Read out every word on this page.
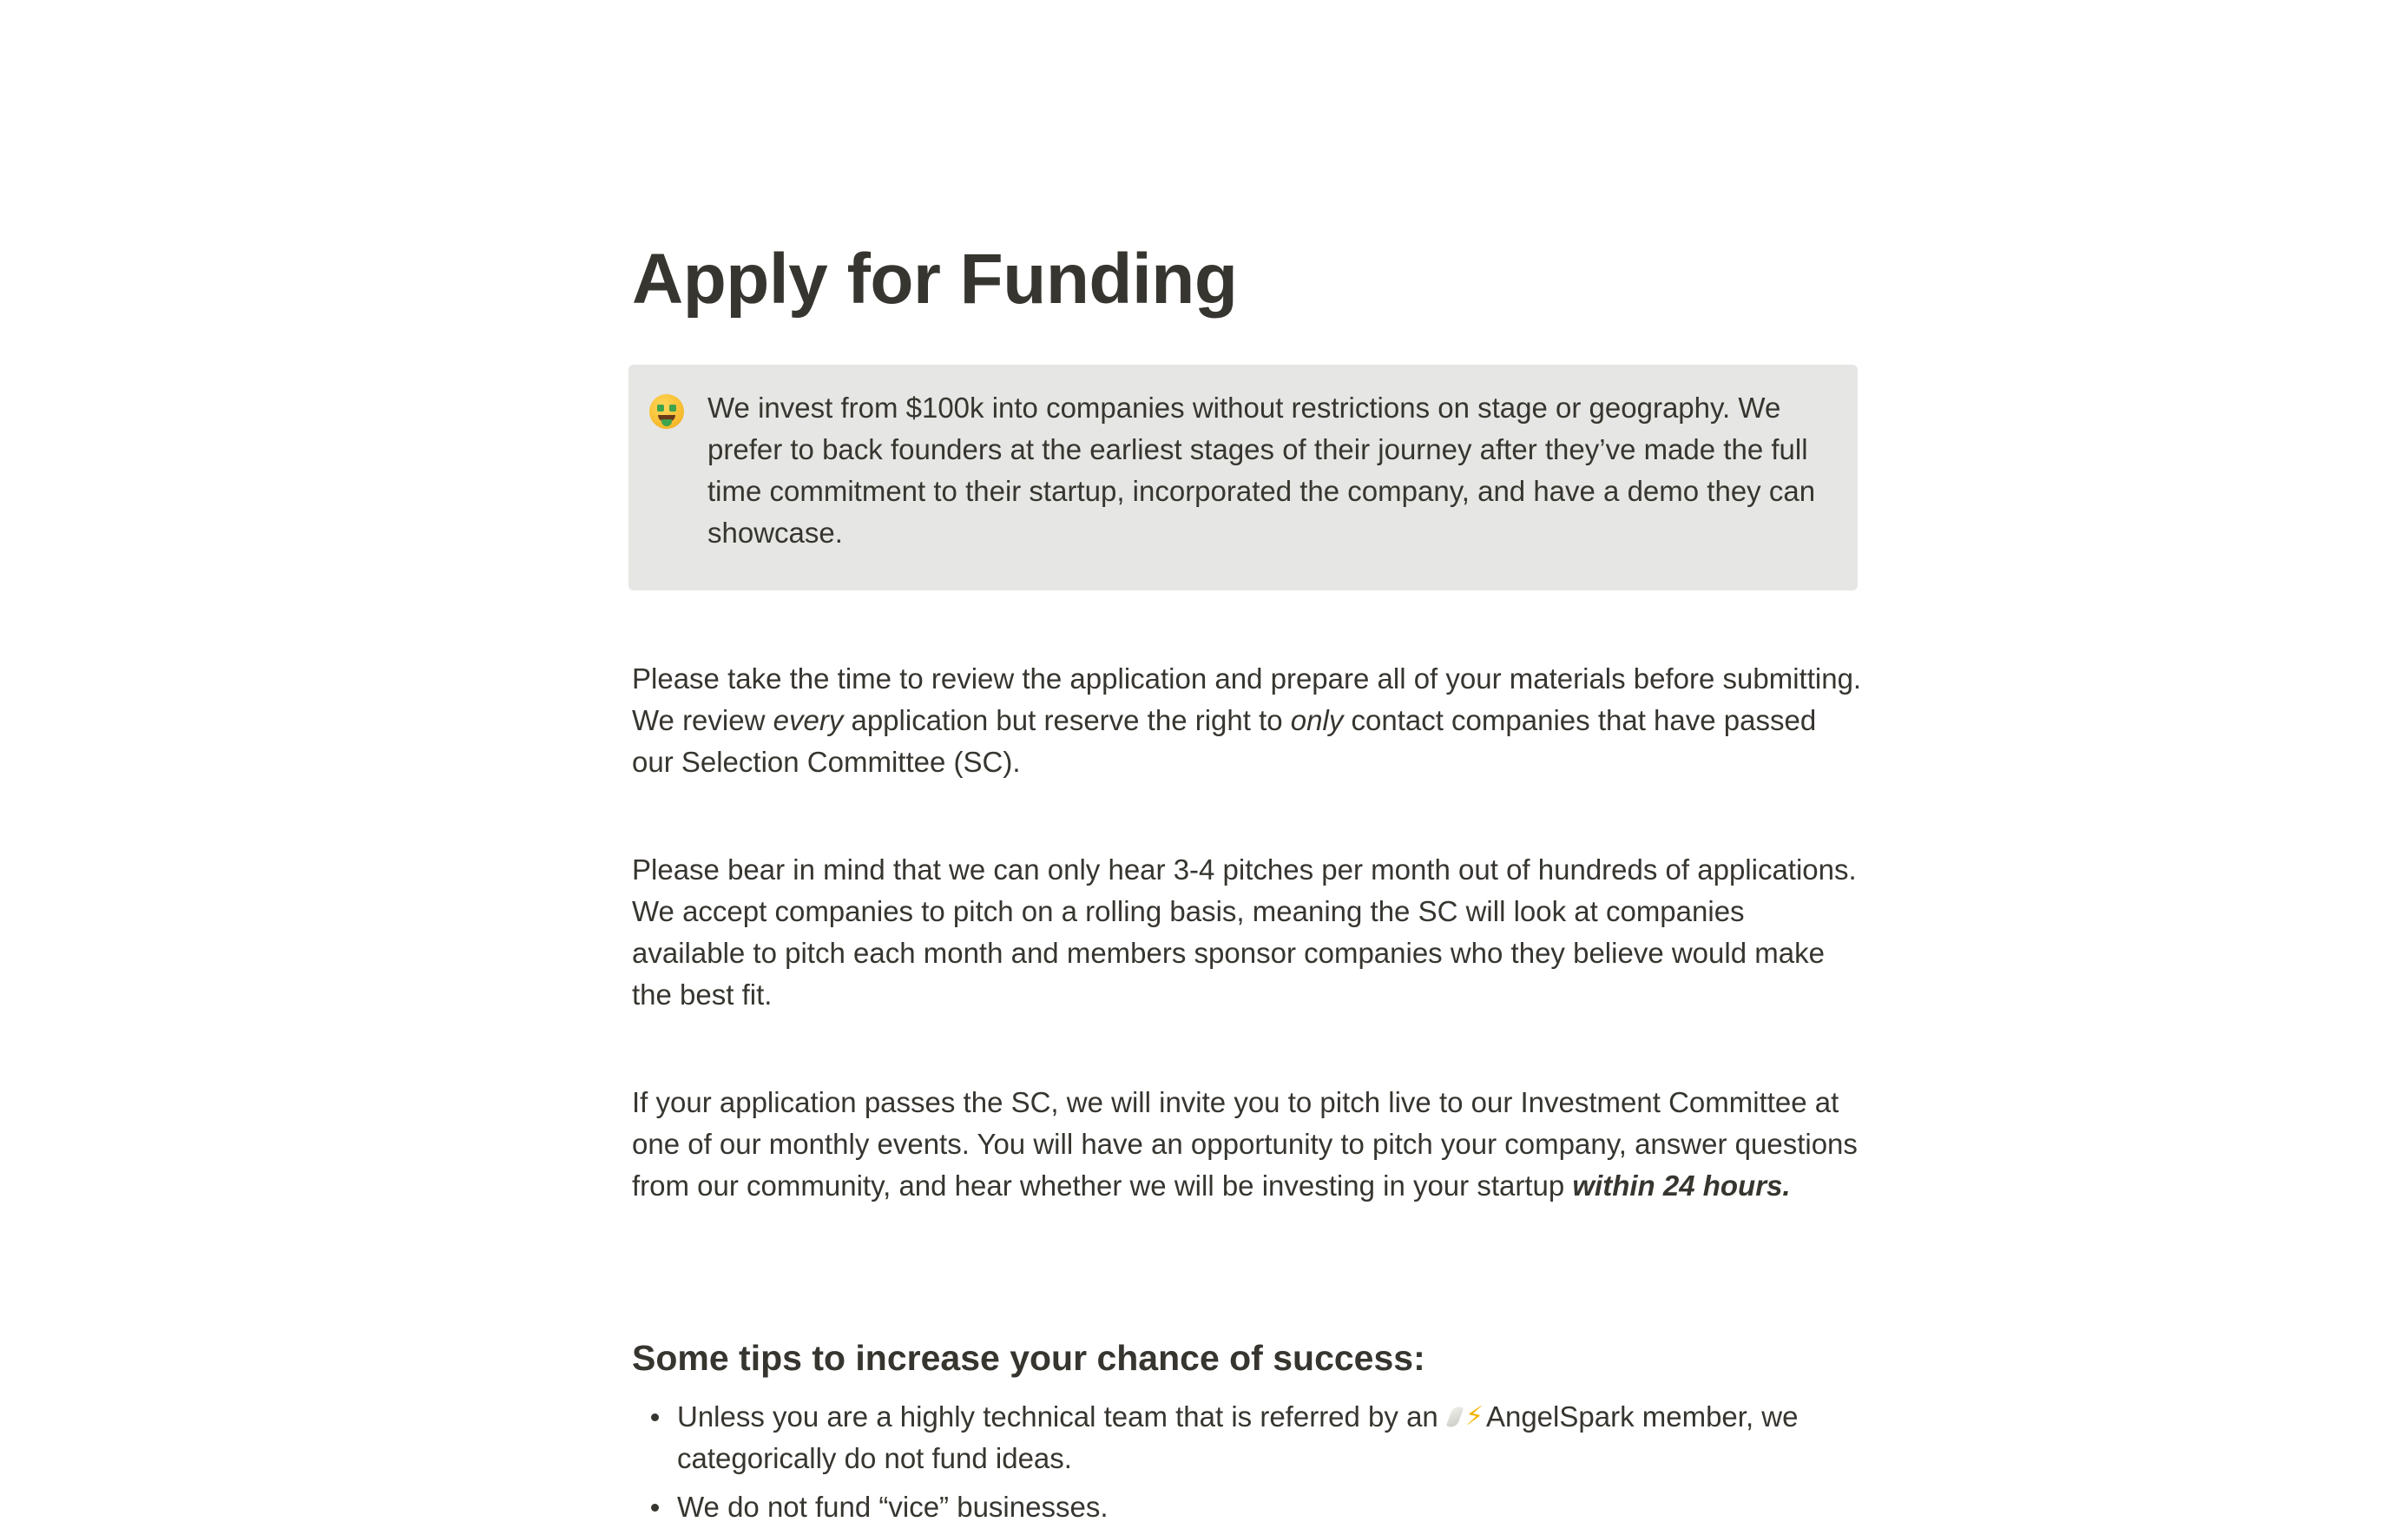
Apply for Funding

We invest from $100k into companies without restrictions on stage or geography. We prefer to back founders at the earliest stages of their journey after they’ve made the full time commitment to their startup, incorporated the company, and have a demo they can showcase.

Please take the time to review the application and prepare all of your materials before submitting. We review every application but reserve the right to only contact companies that have passed our Selection Committee (SC).

Please bear in mind that we can only hear 3-4 pitches per month out of hundreds of applications. We accept companies to pitch on a rolling basis, meaning the SC will look at companies available to pitch each month and members sponsor companies who they believe would make the best fit.

If your application passes the SC, we will invite you to pitch live to our Investment Committee at one of our monthly events. You will have an opportunity to pitch your company, answer questions from our community, and hear whether we will be investing in your startup within 24 hours.

Some tips to increase your chance of success:
Unless you are a highly technical team that is referred by an ⚡ AngelSpark member, we categorically do not fund ideas.
We do not fund “vice” businesses.
